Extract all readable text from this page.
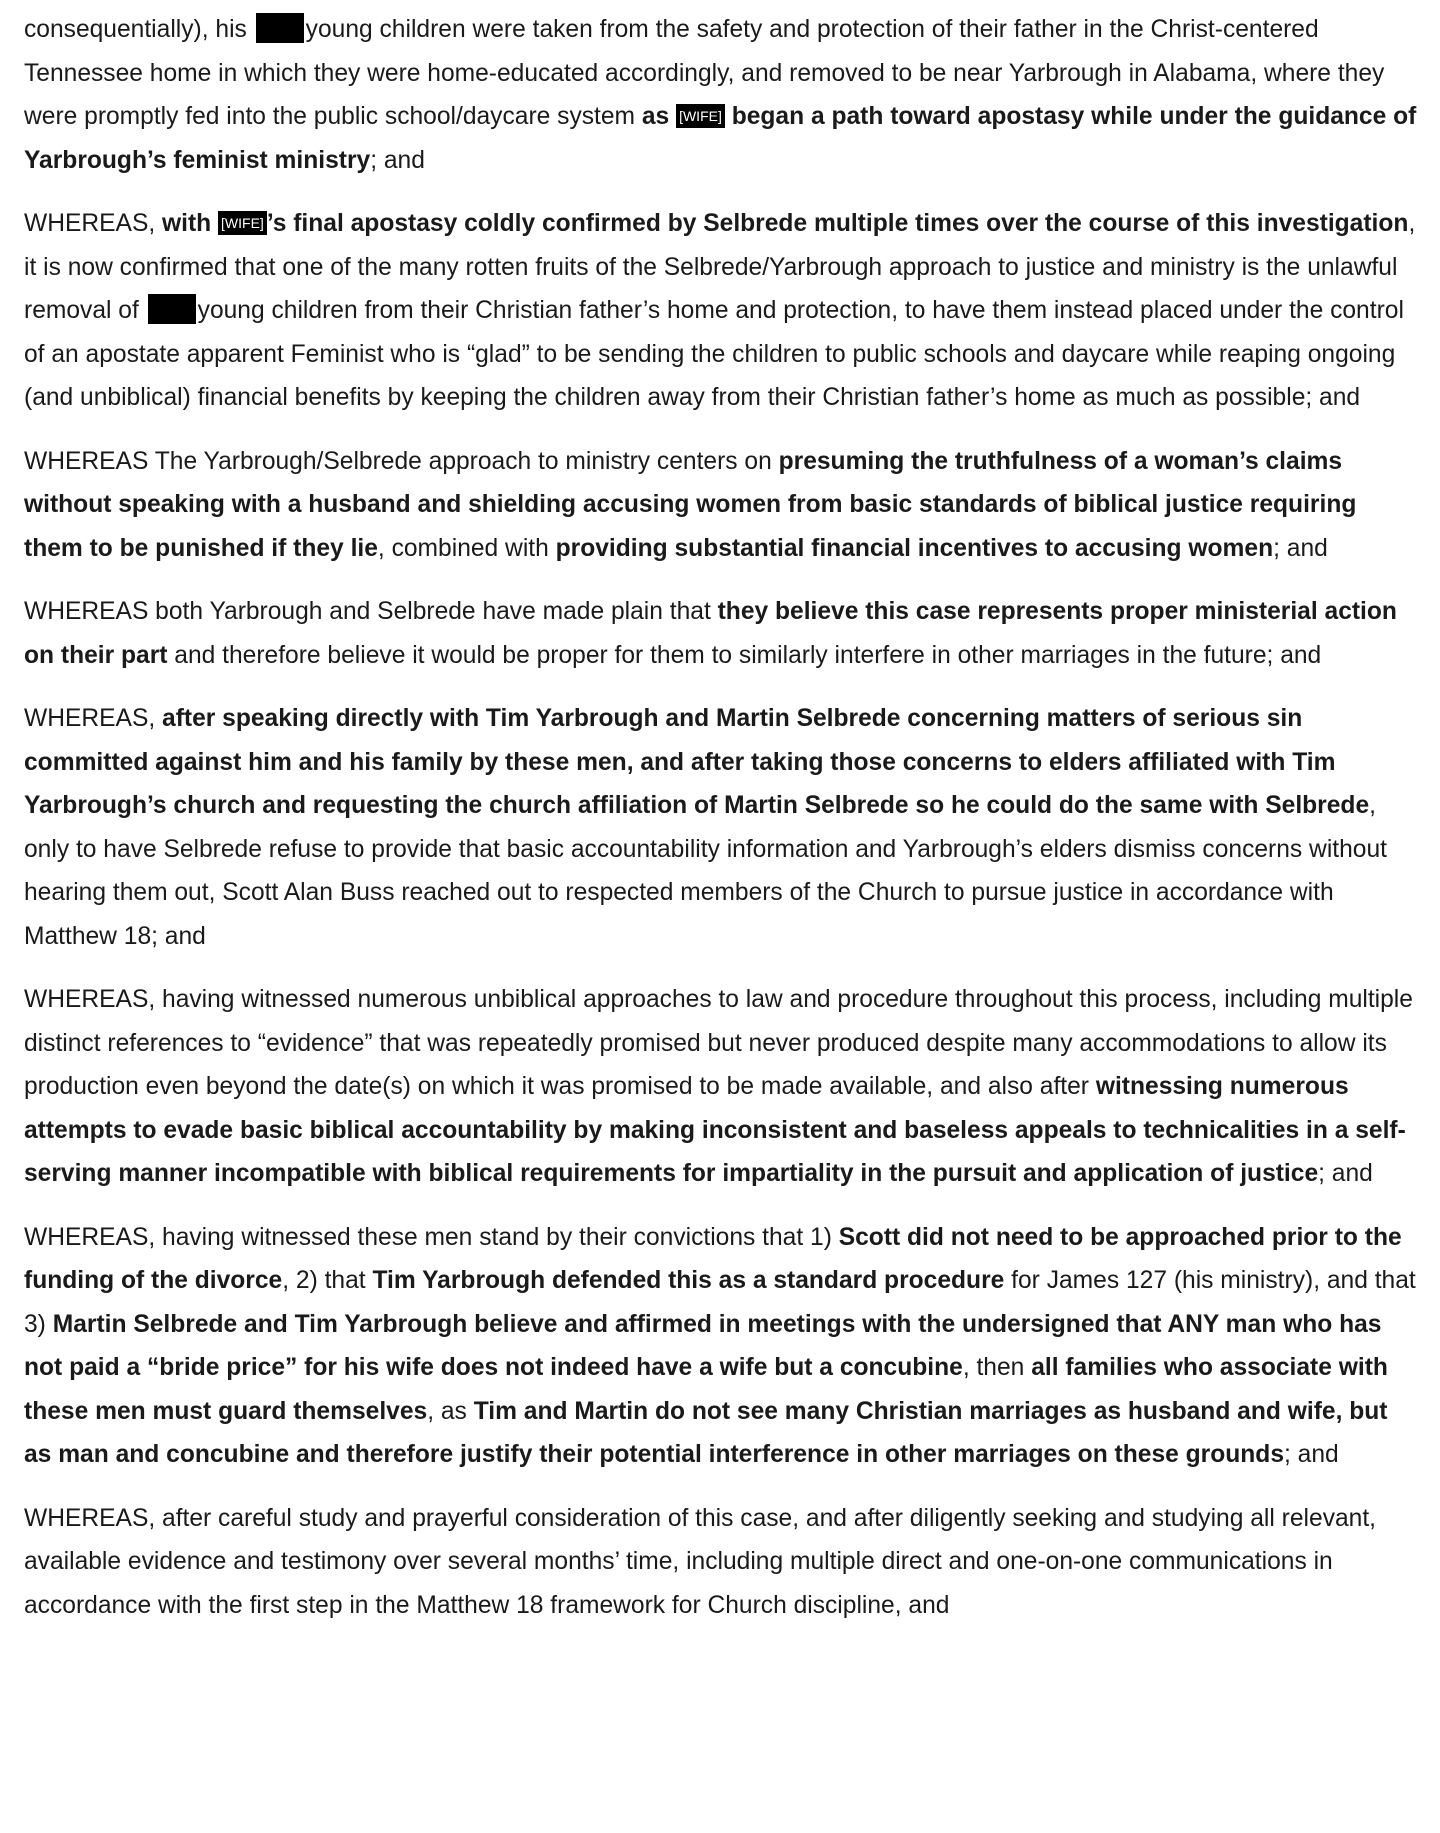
consequentially), his young children were taken from the safety and protection of their father in the Christ-centered Tennessee home in which they were home-educated accordingly, and removed to be near Yarbrough in Alabama, where they were promptly fed into the public school/daycare system as [WIFE] began a path toward apostasy while under the guidance of Yarbrough’s feminist ministry; and

WHEREAS, with [WIFE] ’s final apostasy coldly confirmed by Selbrede multiple times over the course of this investigation, it is now confirmed that one of the many rotten fruits of the Selbrede/Yarbrough approach to justice and ministry is the unlawful removal of young children from their Christian father’s home and protection, to have them instead placed under the control of an apostate apparent Feminist who is “glad” to be sending the children to public schools and daycare while reaping ongoing (and unbiblical) financial benefits by keeping the children away from their Christian father’s home as much as possible; and

WHEREAS The Yarbrough/Selbrede approach to ministry centers on presuming the truthfulness of a woman’s claims without speaking with a husband and shielding accusing women from basic standards of biblical justice requiring them to be punished if they lie, combined with providing substantial financial incentives to accusing women; and

WHEREAS both Yarbrough and Selbrede have made plain that they believe this case represents proper ministerial action on their part and therefore believe it would be proper for them to similarly interfere in other marriages in the future; and

WHEREAS, after speaking directly with Tim Yarbrough and Martin Selbrede concerning matters of serious sin committed against him and his family by these men, and after taking those concerns to elders affiliated with Tim Yarbrough’s church and requesting the church affiliation of Martin Selbrede so he could do the same with Selbrede, only to have Selbrede refuse to provide that basic accountability information and Yarbrough’s elders dismiss concerns without hearing them out, Scott Alan Buss reached out to respected members of the Church to pursue justice in accordance with Matthew 18; and

WHEREAS, having witnessed numerous unbiblical approaches to law and procedure throughout this process, including multiple distinct references to “evidence” that was repeatedly promised but never produced despite many accommodations to allow its production even beyond the date(s) on which it was promised to be made available, and also after witnessing numerous attempts to evade basic biblical accountability by making inconsistent and baseless appeals to technicalities in a self-serving manner incompatible with biblical requirements for impartiality in the pursuit and application of justice; and

WHEREAS, having witnessed these men stand by their convictions that 1) Scott did not need to be approached prior to the funding of the divorce, 2) that Tim Yarbrough defended this as a standard procedure for James 127 (his ministry), and that 3) Martin Selbrede and Tim Yarbrough believe and affirmed in meetings with the undersigned that ANY man who has not paid a “bride price” for his wife does not indeed have a wife but a concubine, then all families who associate with these men must guard themselves, as Tim and Martin do not see many Christian marriages as husband and wife, but as man and concubine and therefore justify their potential interference in other marriages on these grounds; and

WHEREAS, after careful study and prayerful consideration of this case, and after diligently seeking and studying all relevant, available evidence and testimony over several months’ time, including multiple direct and one-on-one communications in accordance with the first step in the Matthew 18 framework for Church discipline, and
